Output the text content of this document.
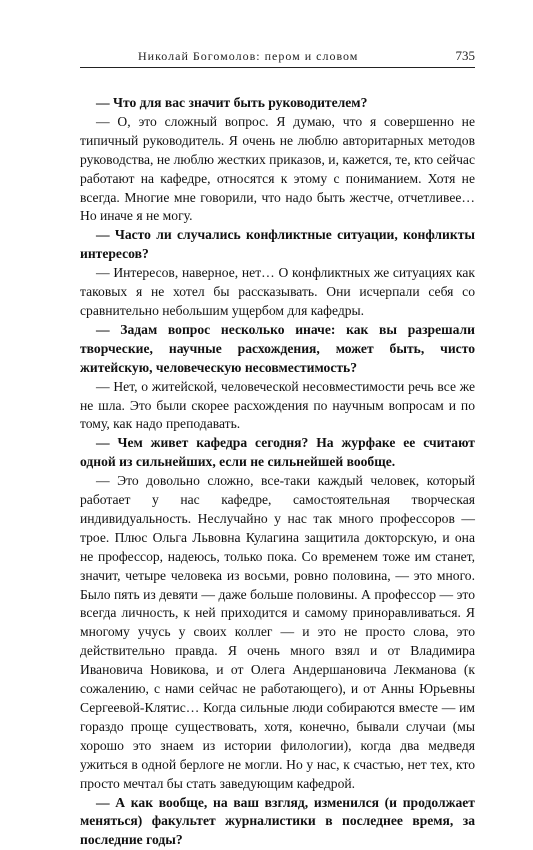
Николай Богомолов: пером и словом	735

— Что для вас значит быть руководителем?

— О, это сложный вопрос. Я думаю, что я совершенно не типичный руководитель. Я очень не люблю авторитарных методов руководства, не люблю жестких приказов, и, кажется, те, кто сейчас работают на кафедре, относятся к этому с пониманием. Хотя не всегда. Многие мне говорили, что надо быть жестче, отчетливее… Но иначе я не могу.

— Часто ли случались конфликтные ситуации, конфликты интересов?

— Интересов, наверное, нет… О конфликтных же ситуациях как таковых я не хотел бы рассказывать. Они исчерпали себя со сравнительно небольшим ущербом для кафедры.

— Задам вопрос несколько иначе: как вы разрешали творческие, научные расхождения, может быть, чисто житейскую, человеческую несовместимость?

— Нет, о житейской, человеческой несовместимости речь все же не шла. Это были скорее расхождения по научным вопросам и по тому, как надо преподавать.

— Чем живет кафедра сегодня? На журфаке ее считают одной из сильнейших, если не сильнейшей вообще.

— Это довольно сложно, все-таки каждый человек, который работает у нас кафедре, самостоятельная творческая индивидуальность. Неслучайно у нас так много профессоров — трое. Плюс Ольга Львовна Кулагина защитила докторскую, и она не профессор, надеюсь, только пока. Со временем тоже им станет, значит, четыре человека из восьми, ровно половина, — это много. Было пять из девяти — даже больше половины. А профессор — это всегда личность, к ней приходится и самому приноравливаться. Я многому учусь у своих коллег — и это не просто слова, это действительно правда. Я очень много взял и от Владимира Ивановича Новикова, и от Олега Андершановича Лекманова (к сожалению, с нами сейчас не работающего), и от Анны Юрьевны Сергеевой-Клятис… Когда сильные люди собираются вместе — им гораздо проще существовать, хотя, конечно, бывали случаи (мы хорошо это знаем из истории филологии), когда два медведя ужиться в одной берлоге не могли. Но у нас, к счастью, нет тех, кто просто мечтал бы стать заведующим кафедрой.

— А как вообще, на ваш взгляд, изменился (и продолжает меняться) факультет журналистики в последнее время, за последние годы?
